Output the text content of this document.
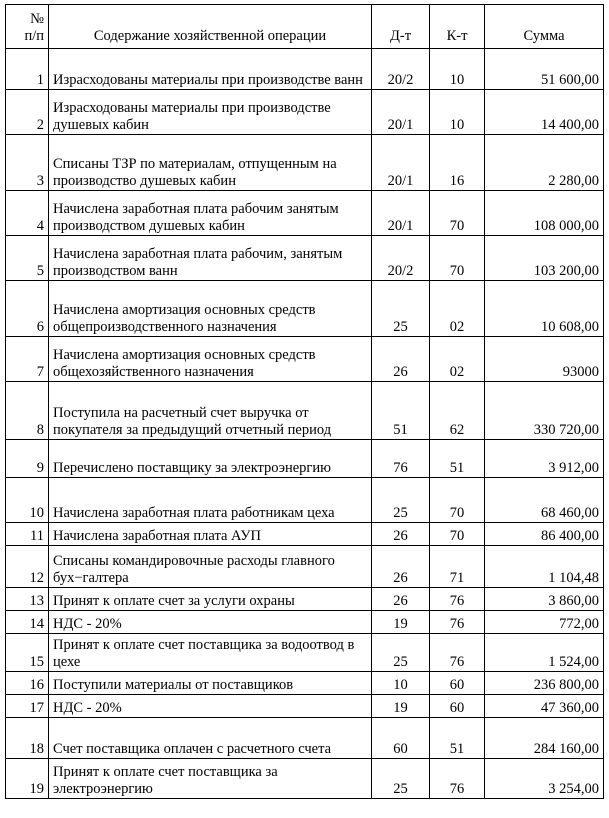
№
п/п	Содержание хозяйственной операции	Д-т	К-т	Сумма
1	Израсходованы материалы при производстве ванн	20/2	10	51 600,00
2	Израсходованы материалы при производстве душевых кабин	20/1	10	14 400,00
3	Списаны ТЗР по материалам, отпущенным на производство душевых кабин	20/1	16	2 280,00
4	Начислена заработная плата рабочим занятым производством душевых кабин	20/1	70	108 000,00
5	Начислена заработная плата рабочим, занятым производством ванн	20/2	70	103 200,00
6	Начислена амортизация основных средств общепроизводственного назначения	25	02	10 608,00
7	Начислена амортизация основных средств общехозяйственного назначения	26	02	93000
8	Поступила на расчетный счет выручка от покупателя за предыдущий отчетный период	51	62	330 720,00
9	Перечислено поставщику за электроэнергию	76	51	3 912,00
10	Начислена заработная плата работникам цеха	25	70	68 460,00
11	Начислена заработная плата АУП	26	70	86 400,00
12	Списаны командировочные расходы главного бух−галтера	26	71	1 104,48
13	Принят к оплате счет за услуги охраны	26	76	3 860,00
14	НДС - 20%	19	76	772,00
15	Принят к оплате счет поставщика за водоотвод в цехе	25	76	1 524,00
16	Поступили материалы от поставщиков	10	60	236 800,00
17	НДС - 20%	19	60	47 360,00
18	Счет поставщика оплачен с расчетного счета	60	51	284 160,00
19	Принят к оплате счет поставщика за электроэнергию	25	76	3 254,00
